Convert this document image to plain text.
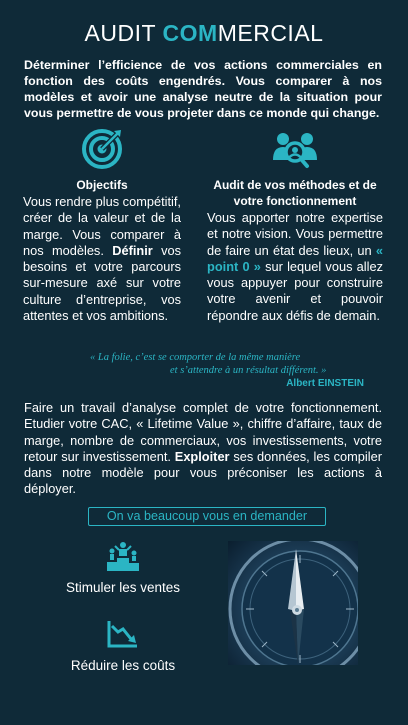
AUDIT COMMERCIAL
Déterminer l’efficience de vos actions commerciales en fonction des coûts engendrés. Vous comparer à nos modèles et avoir une analyse neutre de la situation pour vous permettre de vous projeter dans ce monde qui change.
Objectifs
Vous rendre plus compétitif, créer de la valeur et de la marge. Vous comparer à nos modèles. Définir vos besoins et votre parcours sur-mesure axé sur votre culture d’entreprise, vos attentes et vos ambitions.
Audit de vos méthodes et de votre fonctionnement
Vous apporter notre expertise et notre vision. Vous permettre de faire un état des lieux, un « point 0 » sur lequel vous allez vous appuyer pour construire votre avenir et pouvoir répondre aux défis de demain.
« La folie, c’est se comporter de la même manière
et s’attendre à un résultat différent. »
Albert EINSTEIN
Faire un travail d’analyse complet de votre fonctionnement. Etudier votre CAC, « Lifetime Value », chiffre d’affaire, taux de marge, nombre de commerciaux, vos investissements, votre retour sur investissement. Exploiter ses données, les compiler dans notre modèle pour vous préconiser les actions à déployer.
On va beaucoup vous en demander
Stimuler les ventes
Réduire les coûts
